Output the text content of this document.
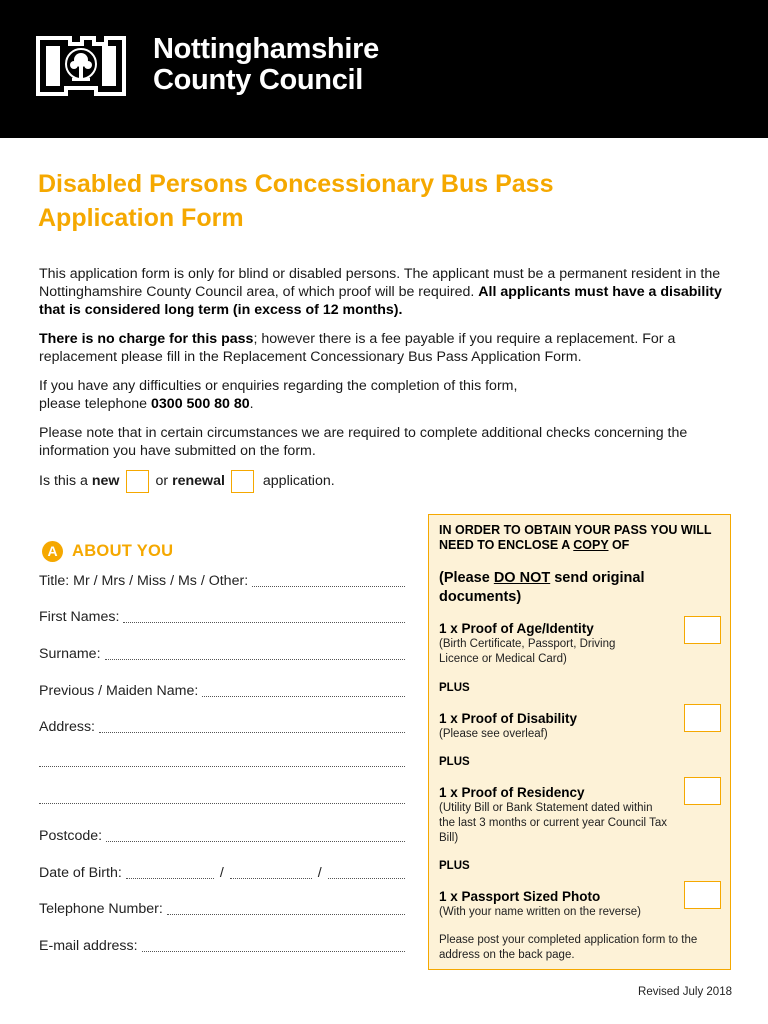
Nottinghamshire
County Council
Disabled Persons Concessionary Bus Pass
Application Form
This application form is only for blind or disabled persons. The applicant must be a permanent resident in the Nottinghamshire County Council area, of which proof will be required. All applicants must have a disability that is considered long term (in excess of 12 months).
There is no charge for this pass; however there is a fee payable if you require a replacement. For a replacement please fill in the Replacement Concessionary Bus Pass Application Form.
If you have any difficulties or enquiries regarding the completion of this form,
please telephone 0300 500 80 80.
Please note that in certain circumstances we are required to complete additional checks concerning the information you have submitted on the form.
Is this a new	or renewal	application.
A ABOUT YOU
Title: Mr / Mrs / Miss / Ms / Other:
First Names:
Surname:
Previous / Maiden Name:
Address:
Postcode:
Date of Birth:	/	/
Telephone Number:
E-mail address:
IN ORDER TO OBTAIN YOUR PASS YOU WILL NEED TO ENCLOSE A COPY OF
(Please DO NOT send original documents)
1 x Proof of Age/Identity
(Birth Certificate, Passport, Driving Licence or Medical Card)
PLUS
1 x Proof of Disability
(Please see overleaf)
PLUS
1 x Proof of Residency
(Utility Bill or Bank Statement dated within the last 3 months or current year Council Tax Bill)
PLUS
1 x Passport Sized Photo
(With your name written on the reverse)
Please post your completed application form to the address on the back page.
Revised July 2018
